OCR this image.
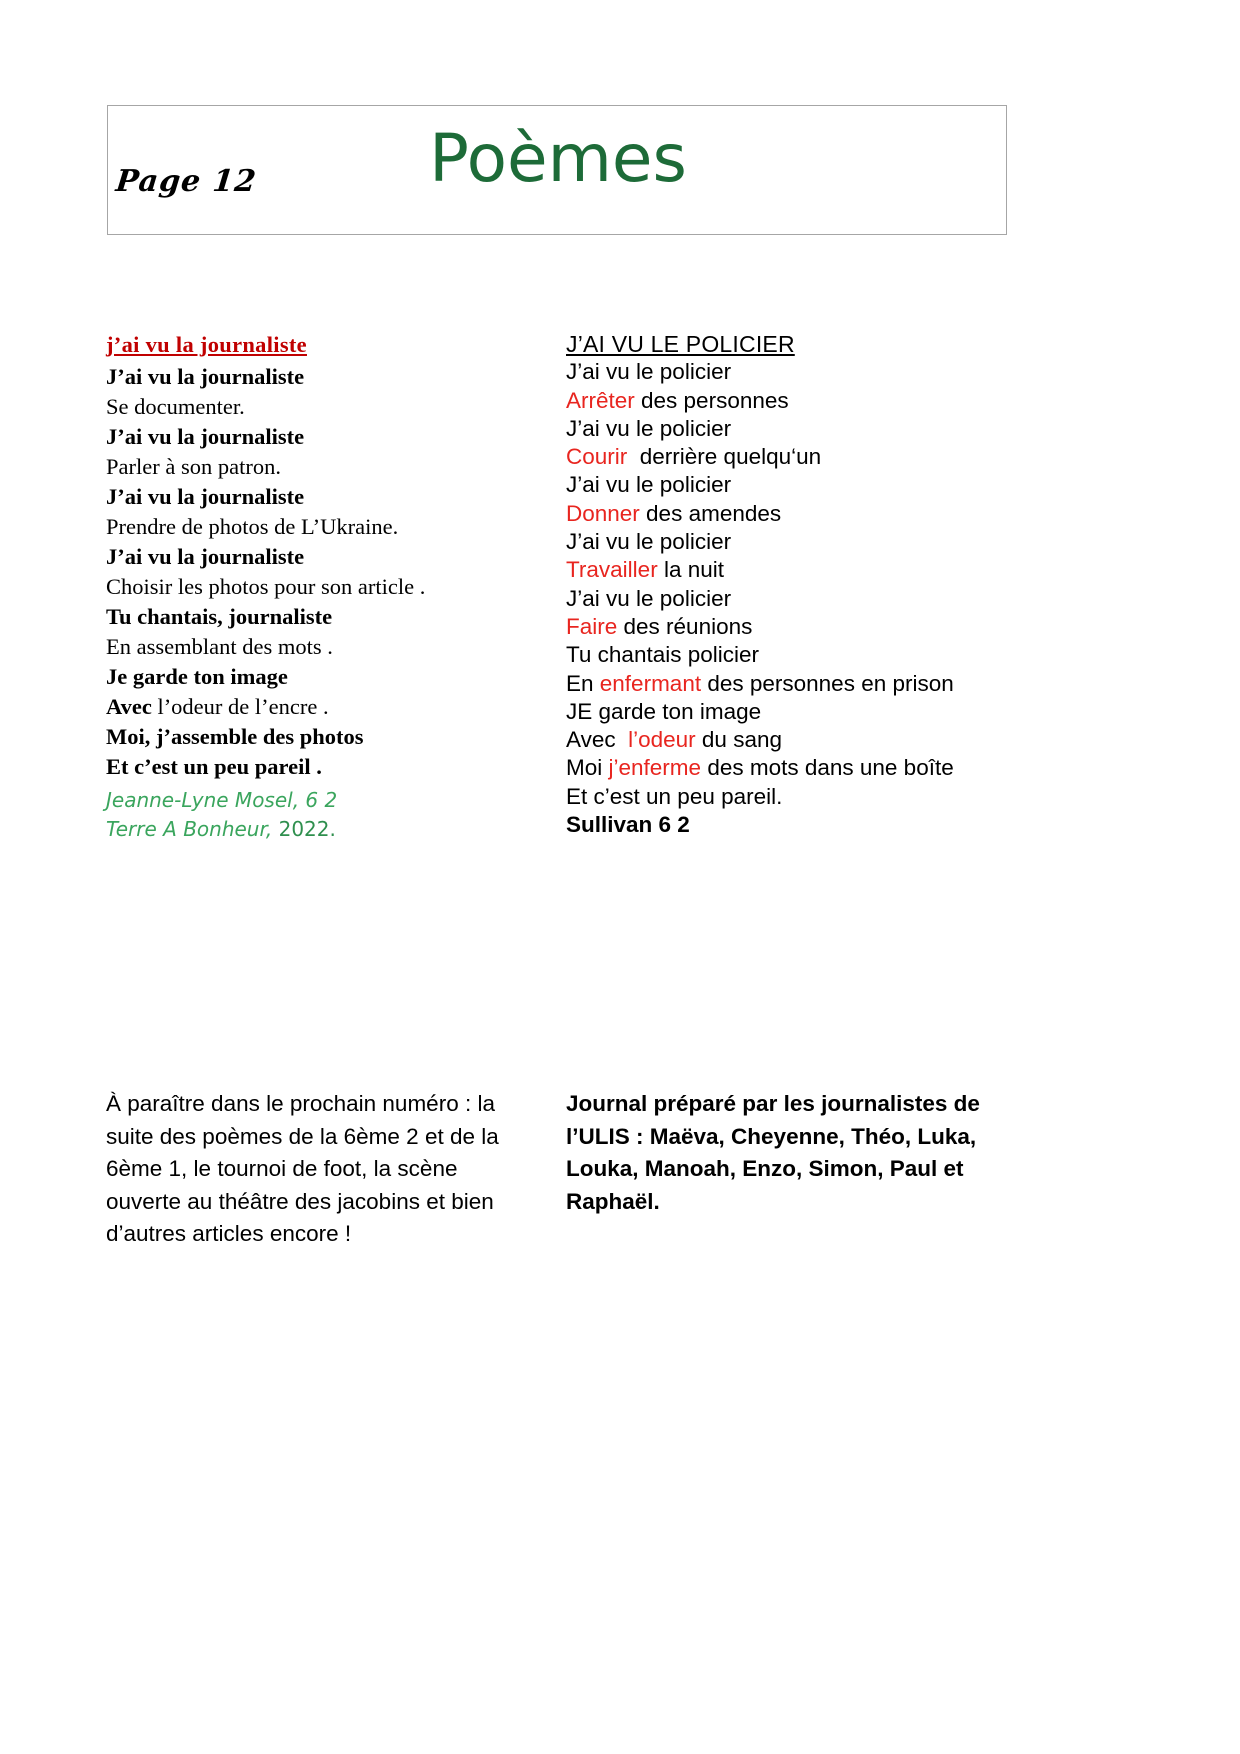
Page 12	Poèmes
j’ai vu la journaliste
J’ai vu la journaliste
Se documenter.
J’ai vu la journaliste
Parler à son patron.
J’ai vu la journaliste
Prendre de photos de L’Ukraine.
J’ai vu la journaliste
Choisir les photos pour son article .
Tu chantais, journaliste
En assemblant des mots .
Je garde ton image
Avec l’odeur de l’encre .
Moi, j’assemble des photos
Et c’est un peu pareil .
Jeanne-Lyne Mosel, 6 2
Terre A Bonheur, 2022.
J’AI VU LE POLICIER
J’ai vu le policier
Arrêter des personnes
J’ai vu le policier
Courir  derrière quelqu‘un
J’ai vu le policier
Donner des amendes
J’ai vu le policier
Travailler la nuit
J’ai vu le policier
Faire des réunions
Tu chantais policier
En enfermant des personnes en prison
JE garde ton image
Avec  l’odeur du sang
Moi j’enferme des mots dans une boîte
Et c’est un peu pareil.
Sullivan 6 2
À paraître dans le prochain numéro : la suite des poèmes de la 6ème 2 et de la 6ème 1, le tournoi de foot, la scène ouverte au théâtre des jacobins et bien d’autres articles encore !
Journal préparé par les journalistes de l’ULIS : Maëva, Cheyenne, Théo, Luka, Louka, Manoah, Enzo, Simon, Paul et Raphaël.
